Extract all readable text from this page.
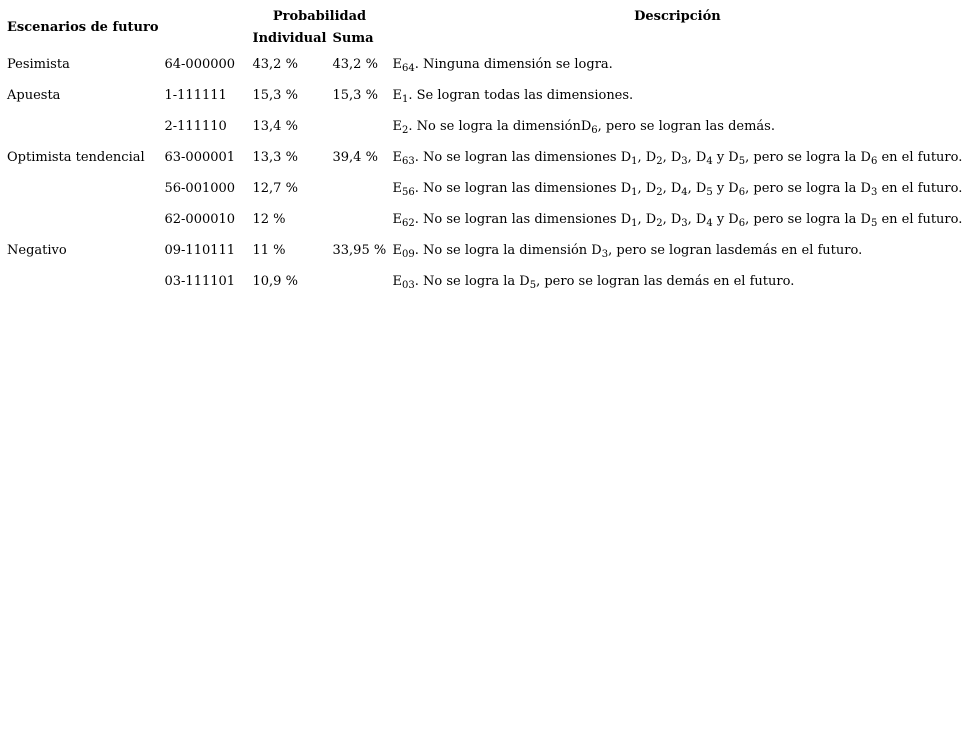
Escenarios de futuro		Probabilidad		Descripción
		Individual	Suma	
Pesimista	64-000000	43,2 %	43,2 %	$E_{64}$. Ninguna dimensión se logra.
Apuesta	1-111111	15,3 %	15,3 %	$E_1$. Se logran todas las dimensiones.
	2-111110	13,4 %		$E_2$. No se logra la dimensiónD$_6$, pero se logran las demás.
Optimista tendencial	63-000001	13,3 %	39,4 %	$E_{63}$. No se logran las dimensiones $D_1$, $D_2$, $D_3$, $D_4$ y $D_5$, pero se logra la $D_6$ en el futuro.
	56-001000	12,7 %		$E_{56}$. No se logran las dimensiones $D_1$, $D_2$, $D_4$, $D_5$ y $D_6$, pero se logra la $D_3$ en el futuro.
	62-000010	12 %		$E_{62}$. No se logran las dimensiones $D_1$, $D_2$, $D_3$, $D_4$ y $D_6$, pero se logra la $D_5$ en el futuro.
Negativo	09-110111	11 %	33,95 %	$E_{09}$. No se logra la dimensión $D_3$, pero se logran lasdemás en el futuro.
	03-111101	10,9 %		$E_{03}$. No se logra la $D_5$, pero se logran las demás en el futuro.
